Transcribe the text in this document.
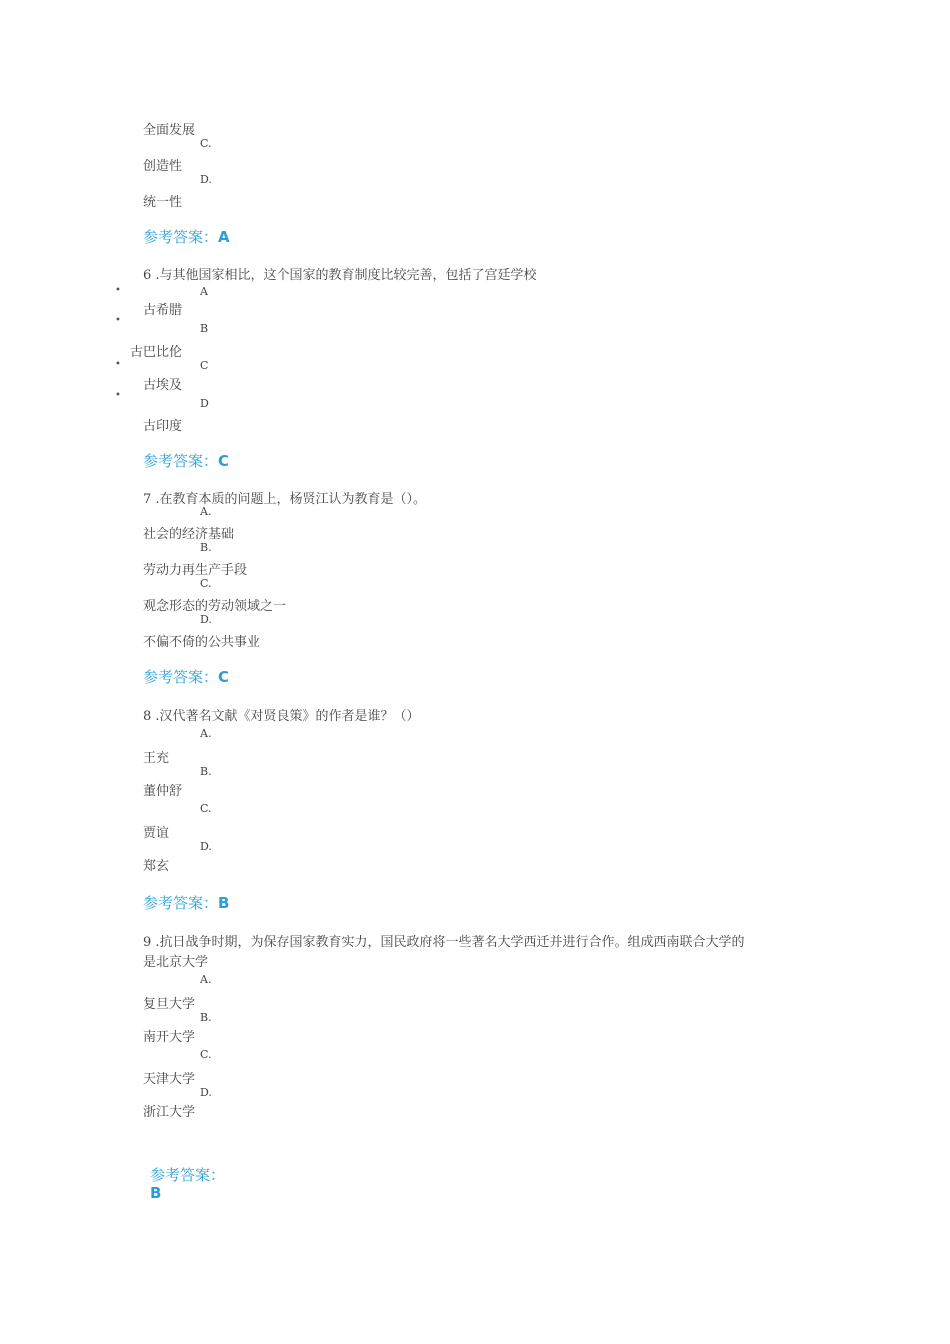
全面发展
C.
创造性
D.
统一性
参考答案：A
6 .与其他国家相比，这个国家的教育制度比较完善，包括了宫廷学校
•	A
古希腊
•
B
古巴比伦
•	C
古埃及
•
D
古印度
参考答案：C
7 .在教育本质的问题上，杨贤江认为教育是（）。
A.
社会的经济基础
B.
劳动力再生产手段
C.
观念形态的劳动领域之一
D.
不偏不倚的公共事业
参考答案：C
8 .汉代著名文献《对贤良策》的作者是谁？（）
A.
王充
B.
董仲舒
C.
贾谊
D.
郑玄
参考答案：B
9 .抗日战争时期，为保存国家教育实力，国民政府将一些著名大学西迁并进行合作。组成西南联合大学的
是北京大学
A.
复旦大学
B.
南开大学
C.
天津大学
D.
浙江大学
参考答案：
B
